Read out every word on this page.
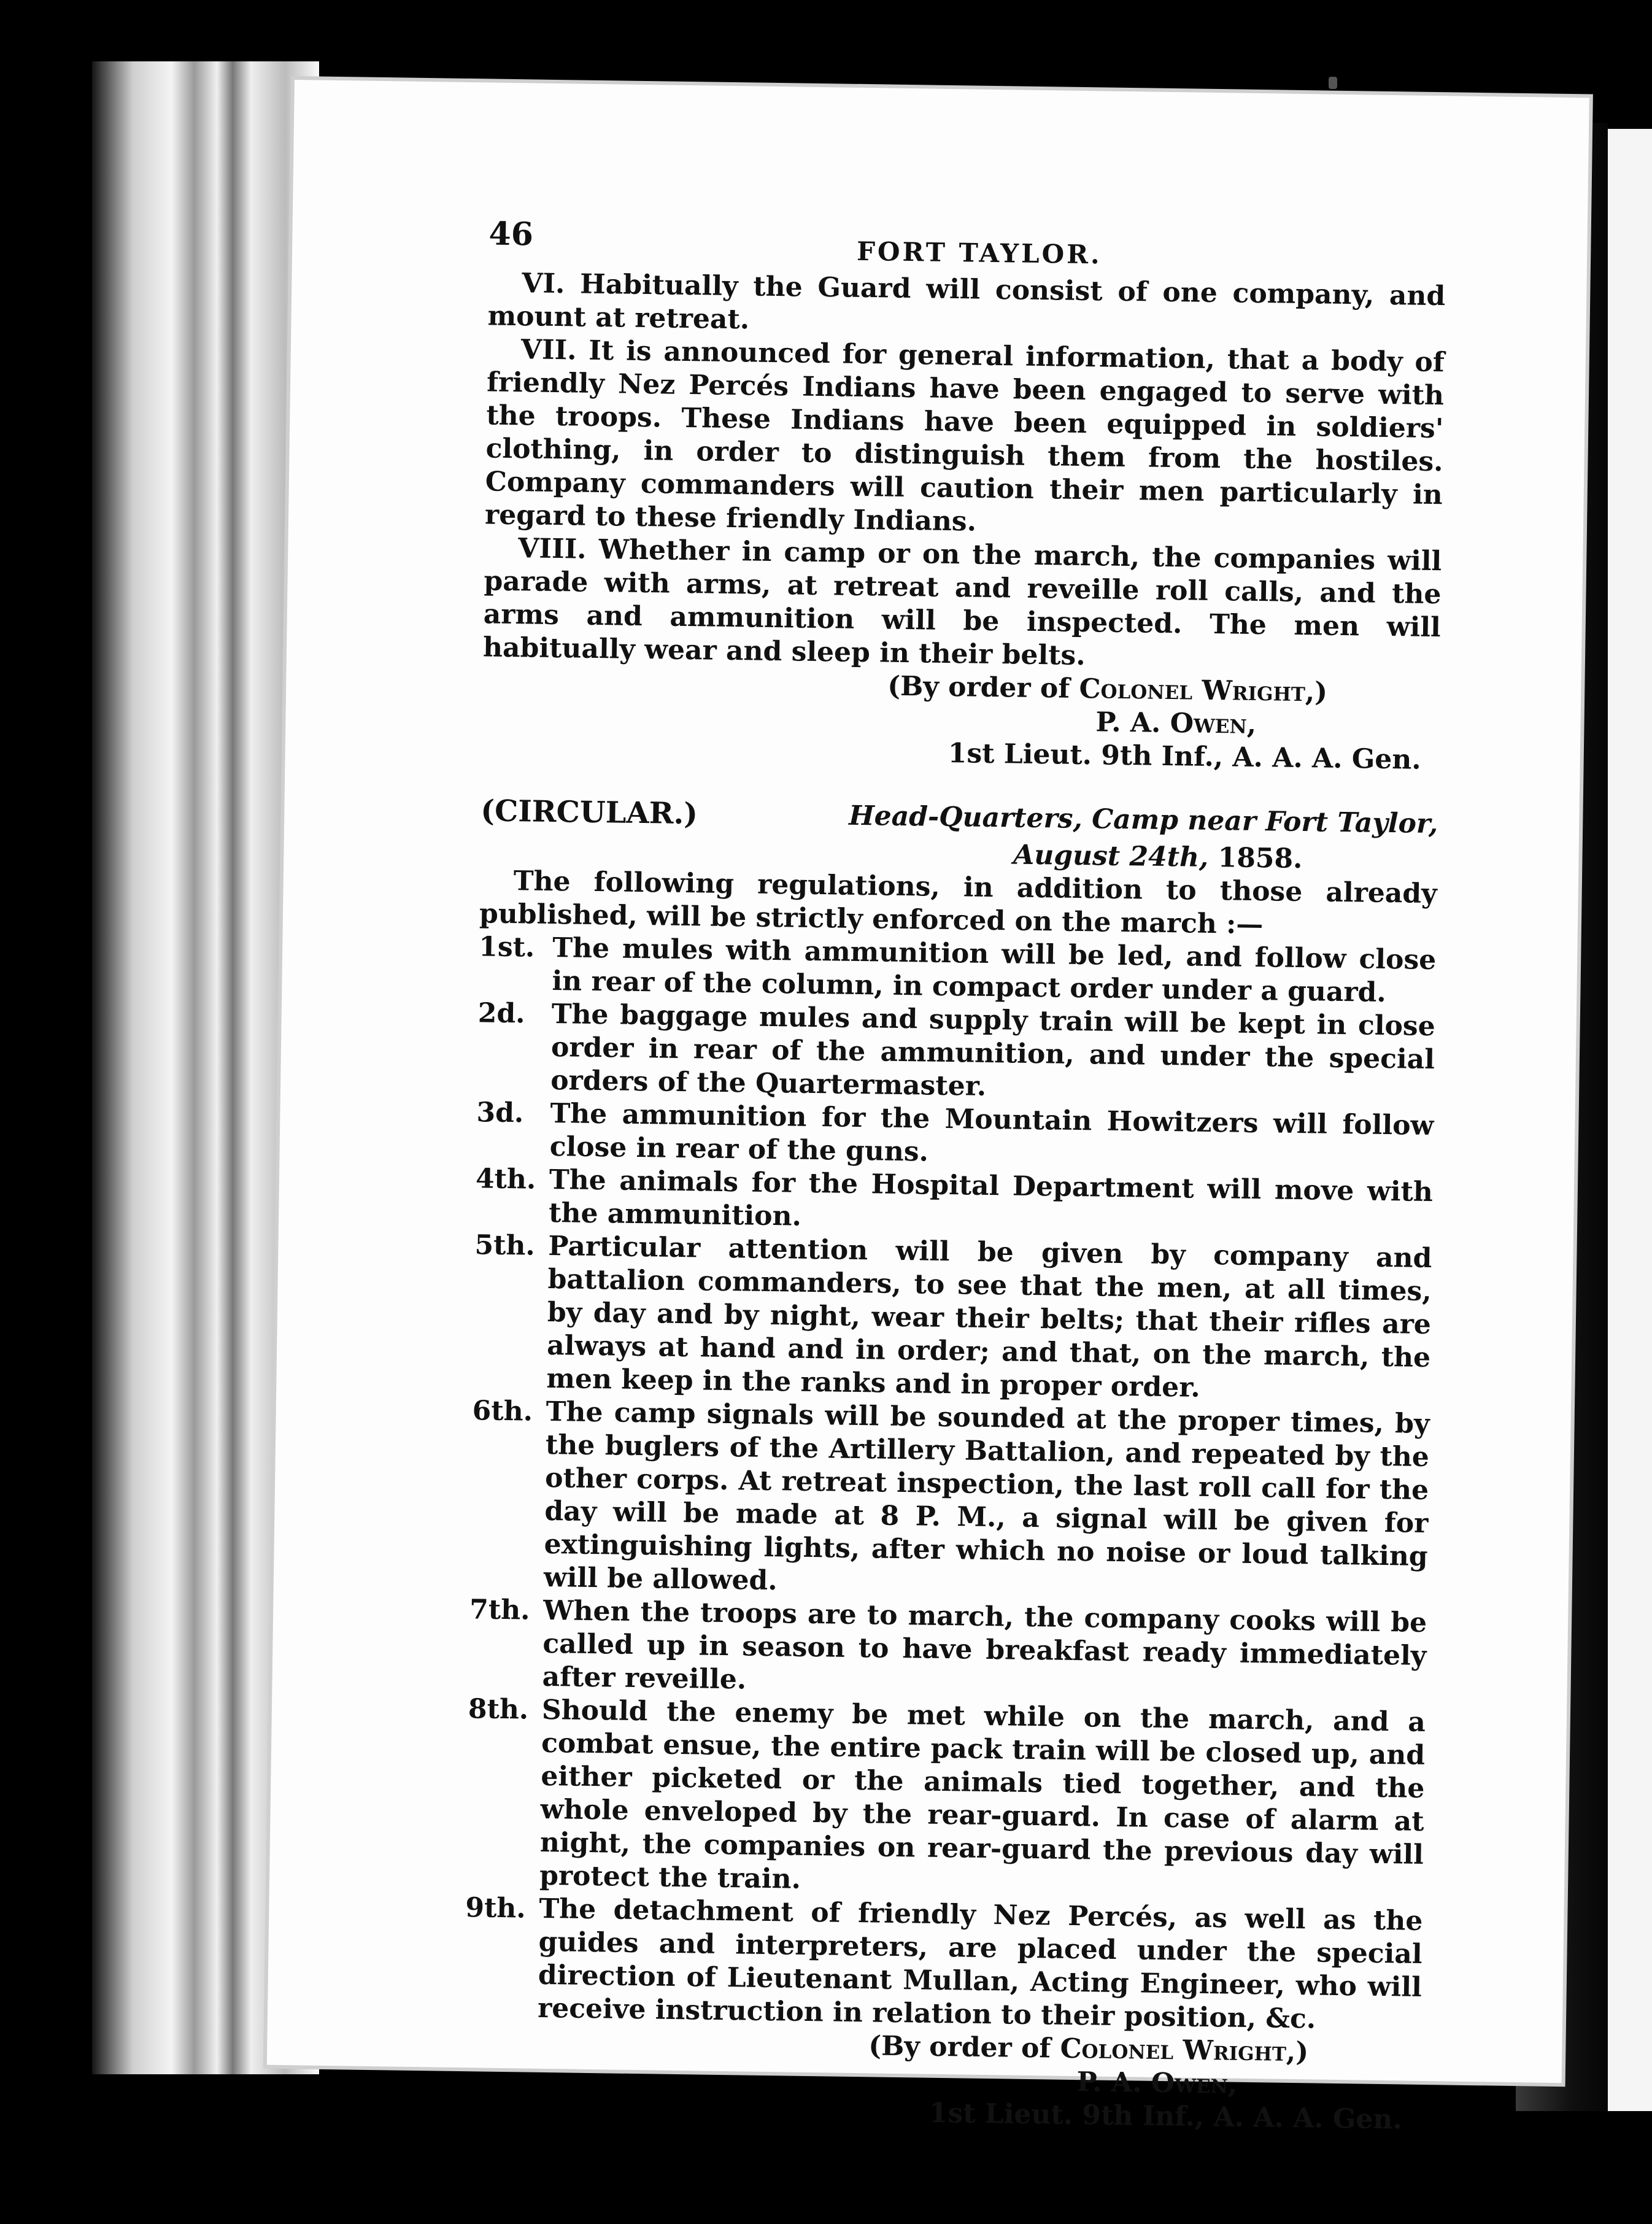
46	FORT TAYLOR.

VI. Habitually the Guard will consist of one company, and mount at retreat.

VII. It is announced for general information, that a body of friendly Nez Percés Indians have been engaged to serve with the troops. These Indians have been equipped in soldiers' clothing, in order to distinguish them from the hostiles. Company commanders will caution their men particularly in regard to these friendly Indians.

VIII. Whether in camp or on the march, the companies will parade with arms, at retreat and reveille roll calls, and the arms and ammunition will be inspected. The men will habitually wear and sleep in their belts.

(By order of Colonel Wright,)
P. A. Owen,
1st Lieut. 9th Inf., A. A. A. Gen.
(CIRCULAR.)	Head-Quarters, Camp near Fort Taylor,
August 24th, 1858.

The following regulations, in addition to those already published, will be strictly enforced on the march :—

1st. The mules with ammunition will be led, and follow close in rear of the column, in compact order under a guard.
2d. The baggage mules and supply train will be kept in close order in rear of the ammunition, and under the special orders of the Quartermaster.
3d. The ammunition for the Mountain Howitzers will follow close in rear of the guns.
4th. The animals for the Hospital Department will move with the ammunition.
5th. Particular attention will be given by company and battalion commanders, to see that the men, at all times, by day and by night, wear their belts; that their rifles are always at hand and in order; and that, on the march, the men keep in the ranks and in proper order.
6th. The camp signals will be sounded at the proper times, by the buglers of the Artillery Battalion, and repeated by the other corps. At retreat inspection, the last roll call for the day will be made at 8 P. M., a signal will be given for extinguishing lights, after which no noise or loud talking will be allowed.
7th. When the troops are to march, the company cooks will be called up in season to have breakfast ready immediately after reveille.
8th. Should the enemy be met while on the march, and a combat ensue, the entire pack train will be closed up, and either picketed or the animals tied together, and the whole enveloped by the rear-guard. In case of alarm at night, the companies on rear-guard the previous day will protect the train.
9th. The detachment of friendly Nez Percés, as well as the guides and interpreters, are placed under the special direction of Lieutenant Mullan, Acting Engineer, who will receive instruction in relation to their position, &c.
(By order of Colonel Wright,)
P. A. Owen,
1st Lieut. 9th Inf., A. A. A. Gen.
